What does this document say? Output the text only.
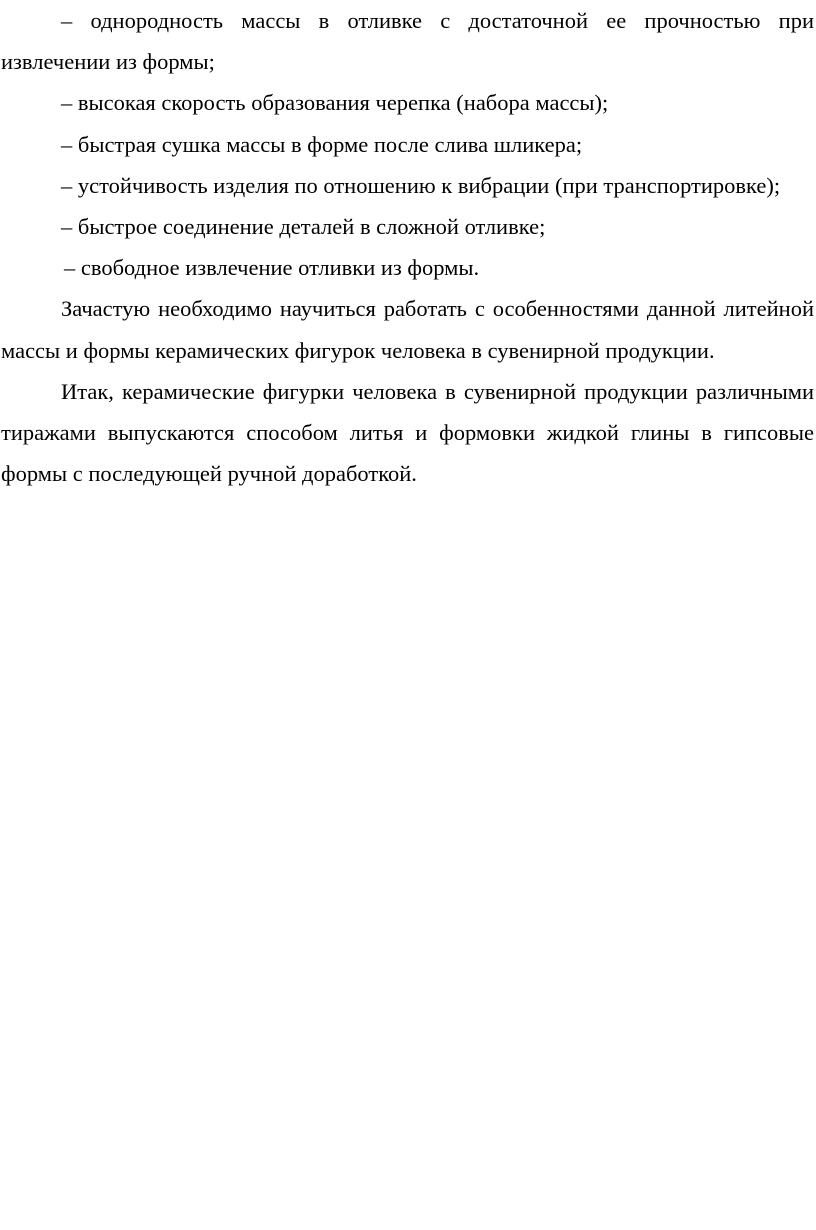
– однородность массы в отливке с достаточной ее прочностью при извлечении из формы;

– высокая скорость образования черепка (набора массы);

– быстрая сушка массы в форме после слива шликера;

– устойчивость изделия по отношению к вибрации (при транспортировке);

– быстрое соединение деталей в сложной отливке;

– свободное извлечение отливки из формы.

Зачастую необходимо научиться работать с особенностями данной литейной массы и формы керамических фигурок человека в сувенирной продукции.

Итак, керамические фигурки человека в сувенирной продукции различными тиражами выпускаются способом литья и формовки жидкой глины в гипсовые формы с последующей ручной доработкой.
